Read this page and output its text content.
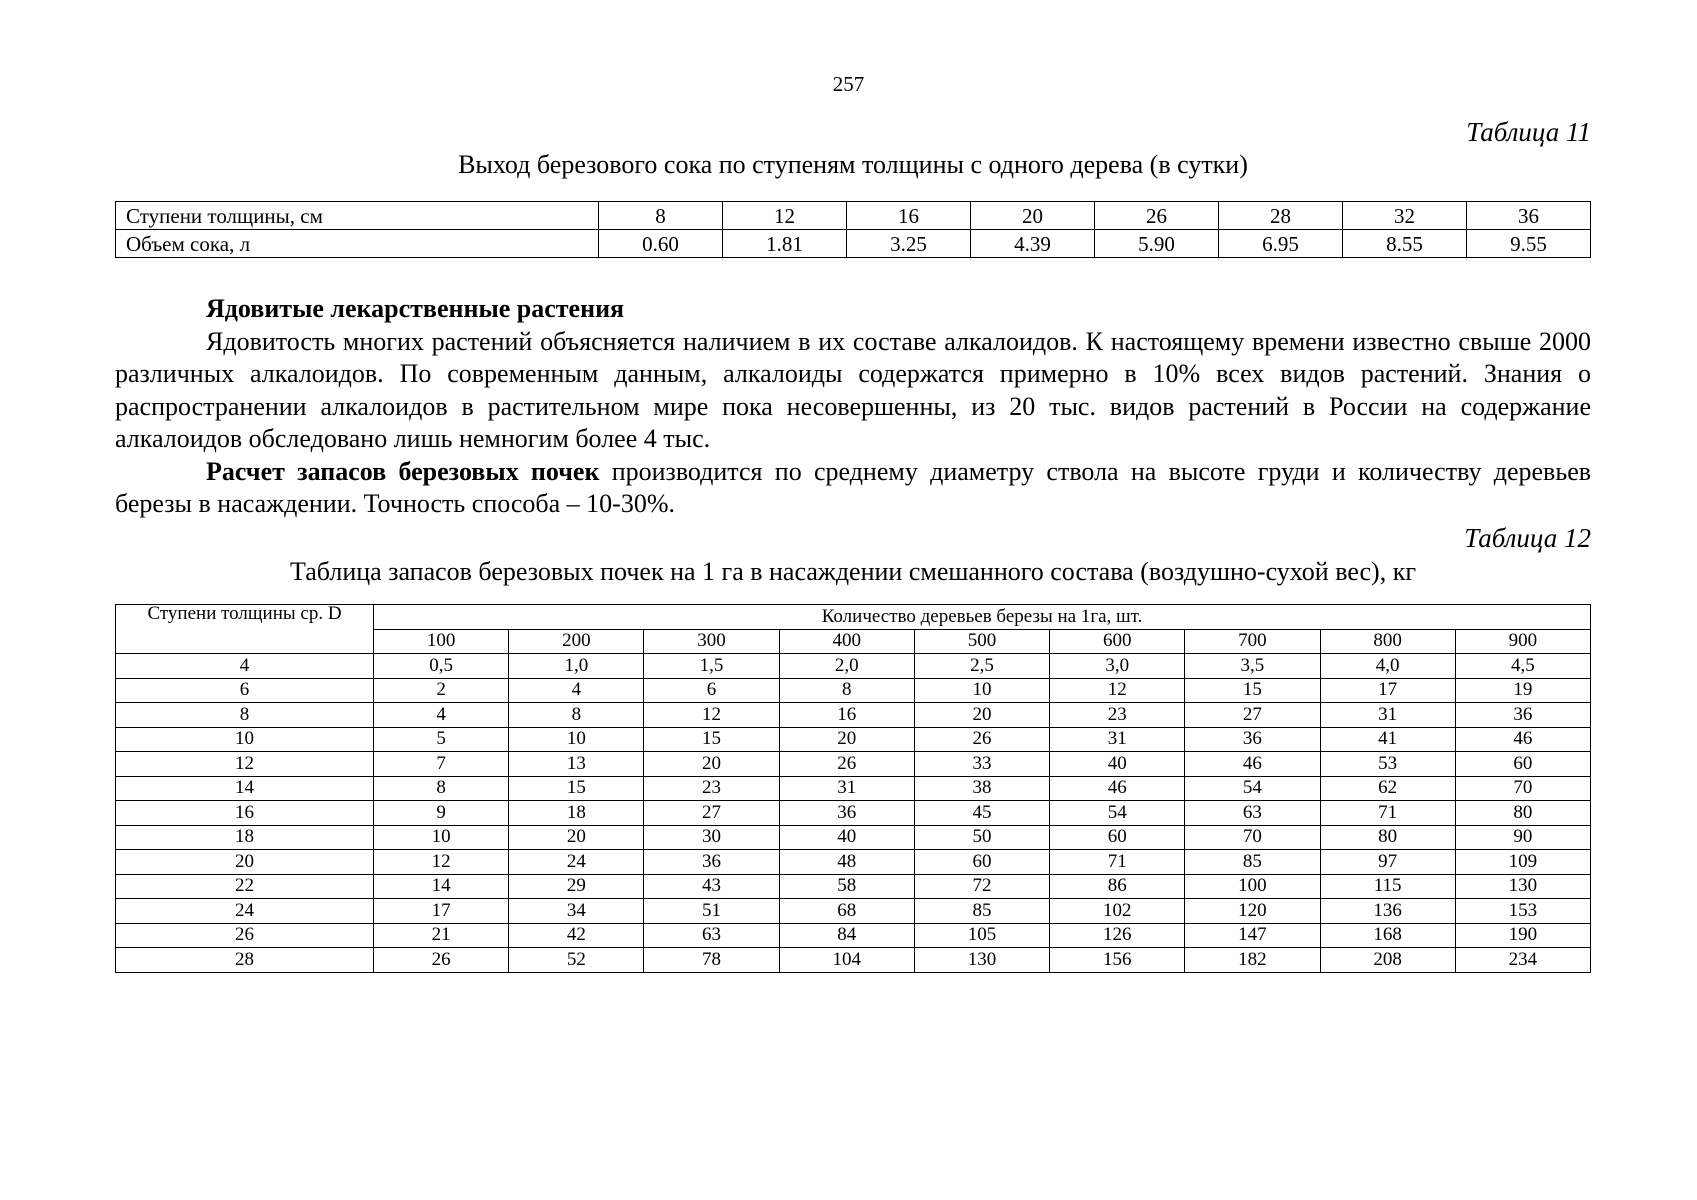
257
Таблица 11
Выход березового сока по ступеням толщины с одного дерева (в сутки)
Ступени толщины, см	8	12	16	20	26	28	32	36
Объем сока, л	0.60	1.81	3.25	4.39	5.90	6.95	8.55	9.55

Ядовитые лекарственные растения

Ядовитость многих растений объясняется наличием в их составе алкалоидов. К настоящему времени известно свыше 2000 различных алкалоидов. По современным данным, алкалоиды содержатся примерно в 10% всех видов растений. Знания о распространении алкалоидов в растительном мире пока несовершенны, из 20 тыс. видов растений в России на содержание алкалоидов обследовано лишь немногим более 4 тыс.

Расчет запасов березовых почек производится по среднему диаметру ствола на высоте груди и количеству деревьев березы в насаждении. Точность способа – 10-30%.

Таблица 12
Таблица запасов березовых почек на 1 га в насаждении смешанного состава (воздушно-сухой вес), кг
Ступени толщины ср. D	Количество деревьев березы на 1га, шт.								
	100	200	300	400	500	600	700	800	900
4	0,5	1,0	1,5	2,0	2,5	3,0	3,5	4,0	4,5
6	2	4	6	8	10	12	15	17	19
8	4	8	12	16	20	23	27	31	36
10	5	10	15	20	26	31	36	41	46
12	7	13	20	26	33	40	46	53	60
14	8	15	23	31	38	46	54	62	70
16	9	18	27	36	45	54	63	71	80
18	10	20	30	40	50	60	70	80	90
20	12	24	36	48	60	71	85	97	109
22	14	29	43	58	72	86	100	115	130
24	17	34	51	68	85	102	120	136	153
26	21	42	63	84	105	126	147	168	190
28	26	52	78	104	130	156	182	208	234
